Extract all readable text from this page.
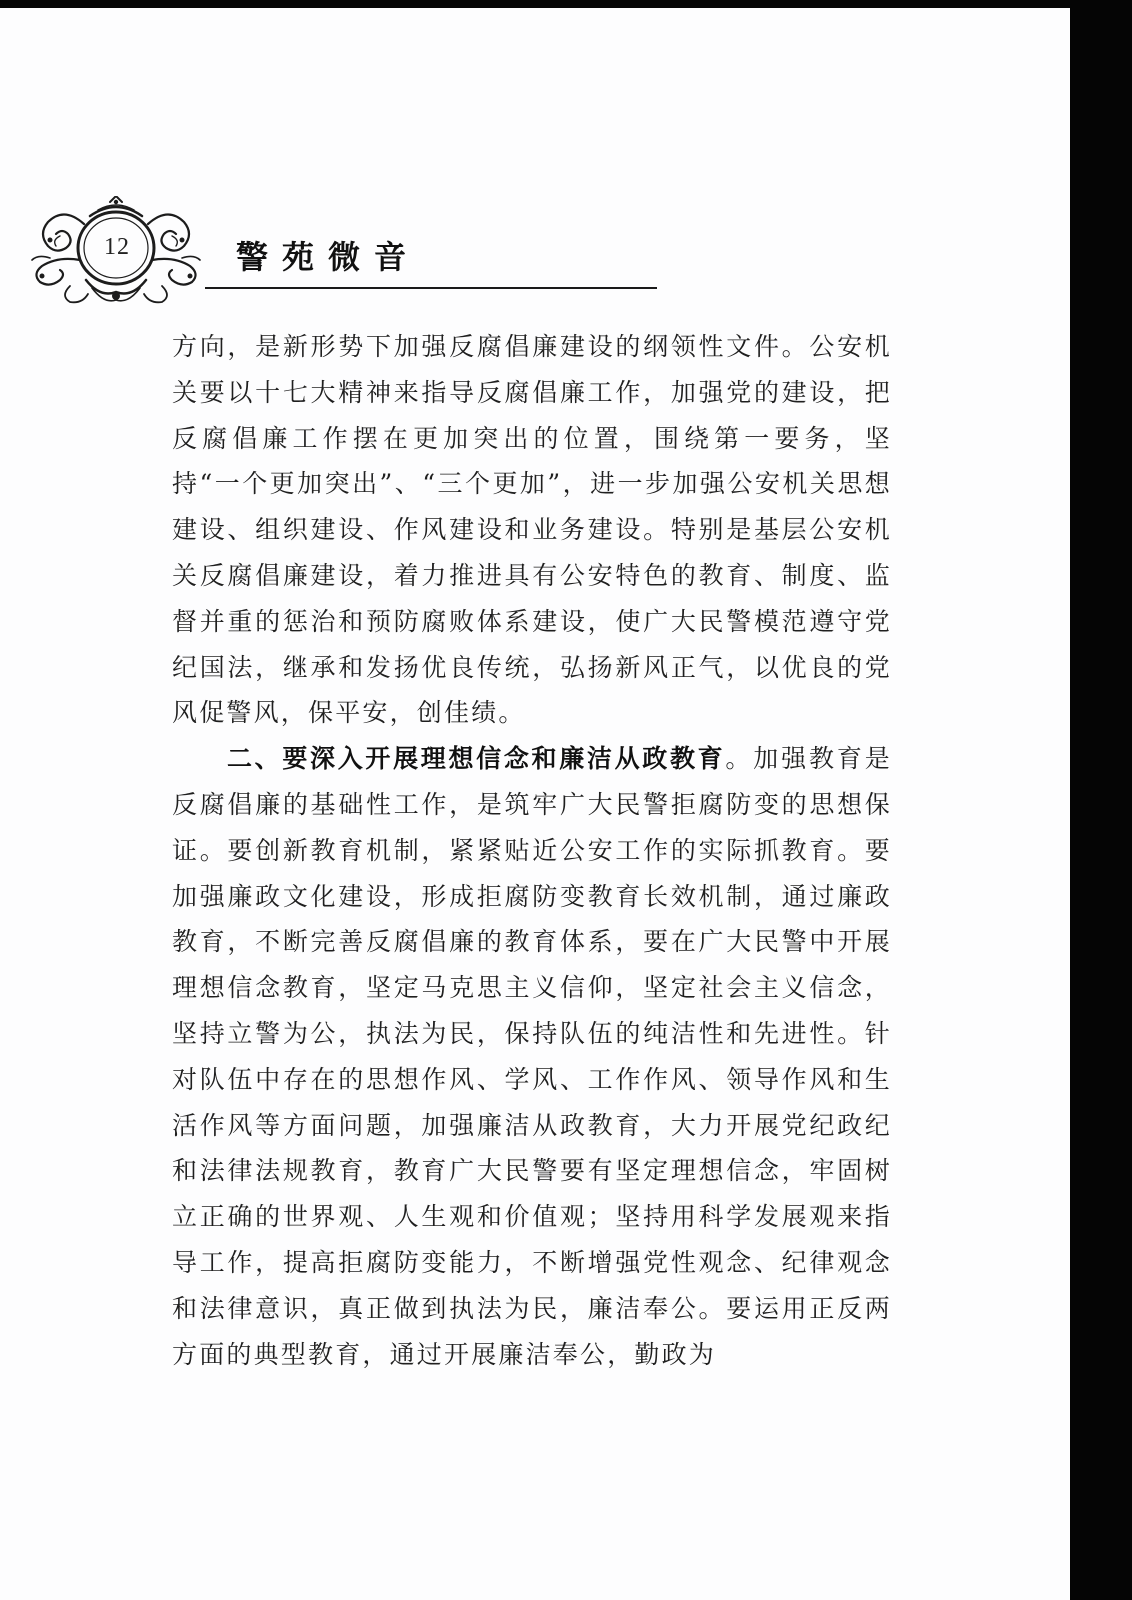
12	警苑微音

方向，是新形势下加强反腐倡廉建设的纲领性文件。公安机关要以十七大精神来指导反腐倡廉工作，加强党的建设，把反腐倡廉工作摆在更加突出的位置，围绕第一要务，坚持“一个更加突出”、“三个更加”，进一步加强公安机关思想建设、组织建设、作风建设和业务建设。特别是基层公安机关反腐倡廉建设，着力推进具有公安特色的教育、制度、监督并重的惩治和预防腐败体系建设，使广大民警模范遵守党纪国法，继承和发扬优良传统，弘扬新风正气，以优良的党风促警风，保平安，创佳绩。

二、要深入开展理想信念和廉洁从政教育。加强教育是反腐倡廉的基础性工作，是筑牢广大民警拒腐防变的思想保证。要创新教育机制，紧紧贴近公安工作的实际抓教育。要加强廉政文化建设，形成拒腐防变教育长效机制，通过廉政教育，不断完善反腐倡廉的教育体系，要在广大民警中开展理想信念教育，坚定马克思主义信仰，坚定社会主义信念，坚持立警为公，执法为民，保持队伍的纯洁性和先进性。针对队伍中存在的思想作风、学风、工作作风、领导作风和生活作风等方面问题，加强廉洁从政教育，大力开展党纪政纪和法律法规教育，教育广大民警要有坚定理想信念，牢固树立正确的世界观、人生观和价值观；坚持用科学发展观来指导工作，提高拒腐防变能力，不断增强党性观念、纪律观念和法律意识，真正做到执法为民，廉洁奉公。要运用正反两方面的典型教育，通过开展廉洁奉公，勤政为
